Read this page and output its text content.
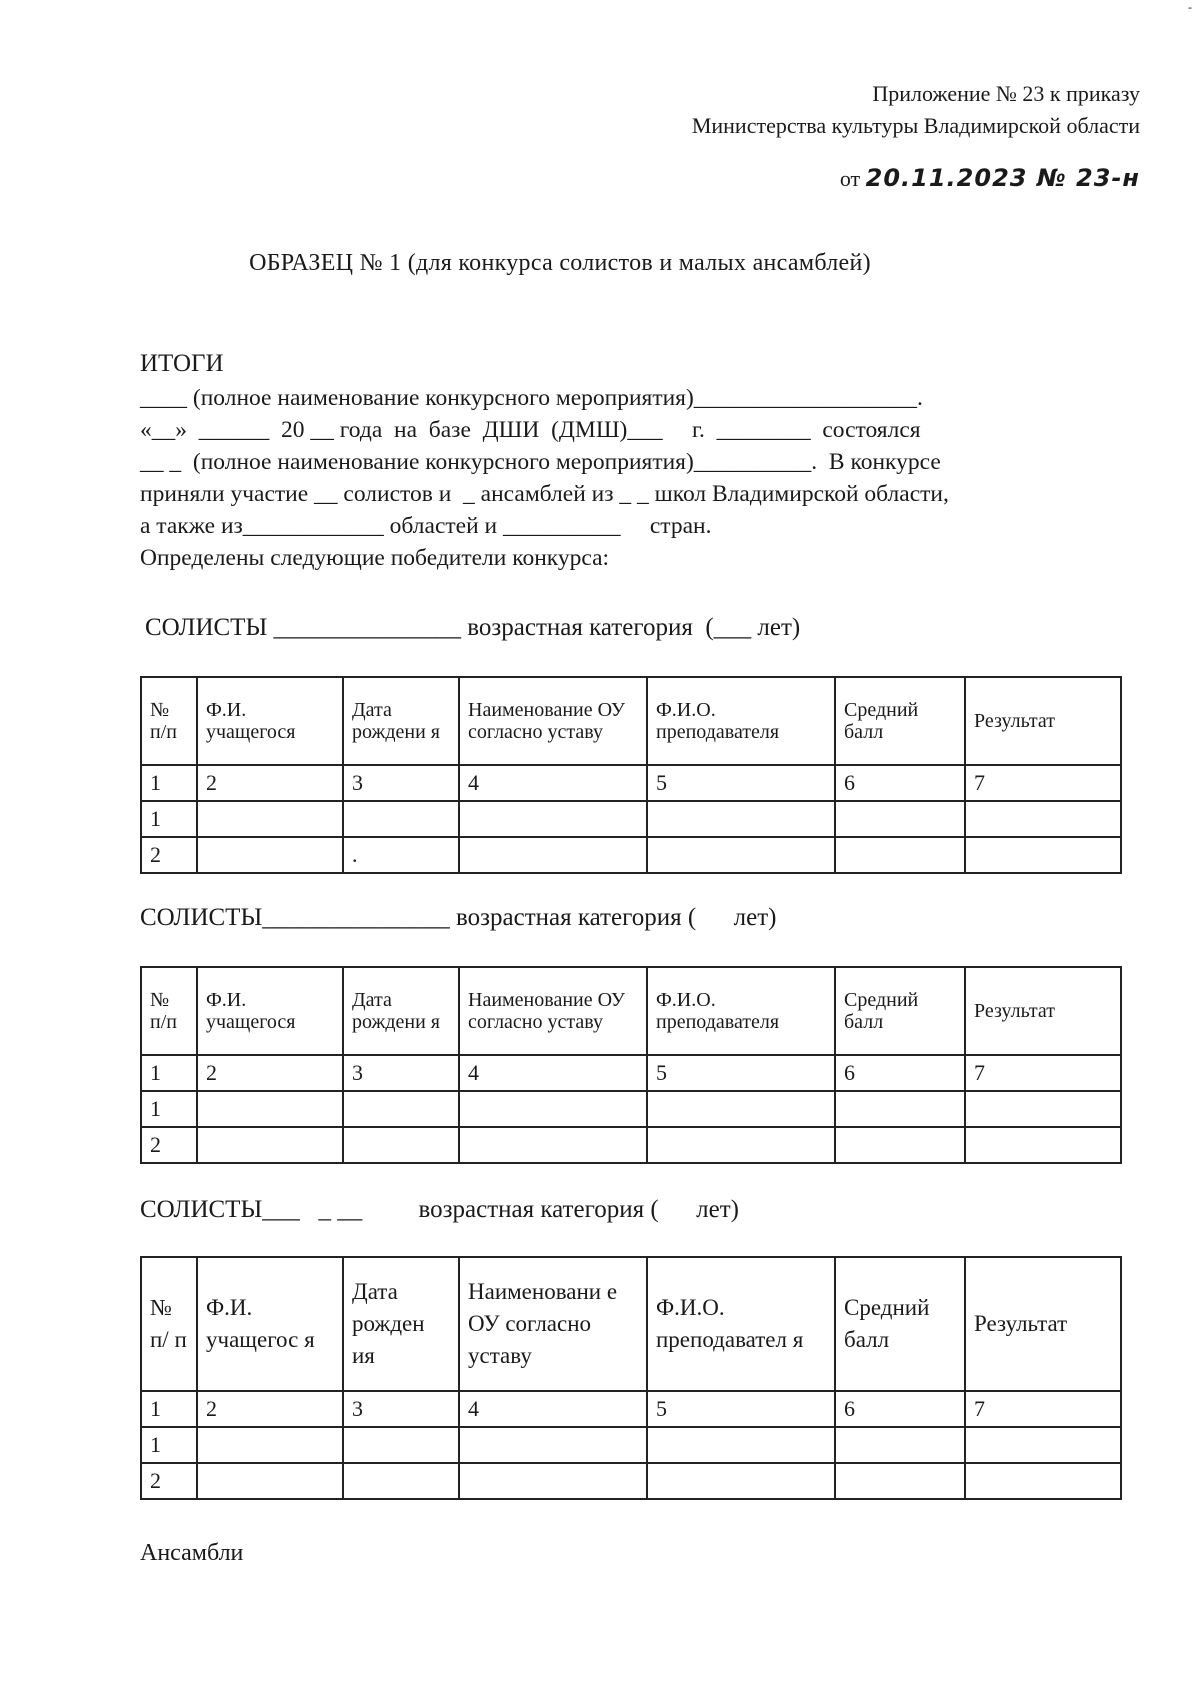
-
Приложение № 23 к приказу
Министерства культуры Владимирской области
от 20.11.2023 № 23-н
ОБРАЗЕЦ № 1 (для конкурса солистов и малых ансамблей)
ИТОГИ
____ (полное наименование конкурсного мероприятия)___________________.
«__»  ______  20 __ года  на  базе  ДШИ  (ДМШ)___     г.  ________  состоялся
__ _  (полное наименование конкурсного мероприятия)__________.  В конкурсе
приняли участие __ солистов и  _ ансамблей из _ _ школ Владимирской области,
а также из____________ областей и __________     стран.
Определены следующие победители конкурса:
СОЛИСТЫ _______________ возрастная категория  (___ лет)
№ п/п	Ф.И. учащегося	Дата рождени я	Наименование ОУ согласно уставу	Ф.И.О. преподавателя	Средний балл	Результат
1	2	3	4	5	6	7
1						
2		.				
СОЛИСТЫ_______________ возрастная категория (      лет)
№ п/п	Ф.И. учащегося	Дата рождени я	Наименование ОУ согласно уставу	Ф.И.О. преподавателя	Средний балл	Результат
1	2	3	4	5	6	7
1						
2						
СОЛИСТЫ___   _ __         возрастная категория (      лет)
№ п/ п	Ф.И. учащегос я	Дата рожден ия	Наименовани е ОУ согласно уставу	Ф.И.О. преподавател я	Средний балл	Результат
1	2	3	4	5	6	7
1						
2						
Ансамбли
